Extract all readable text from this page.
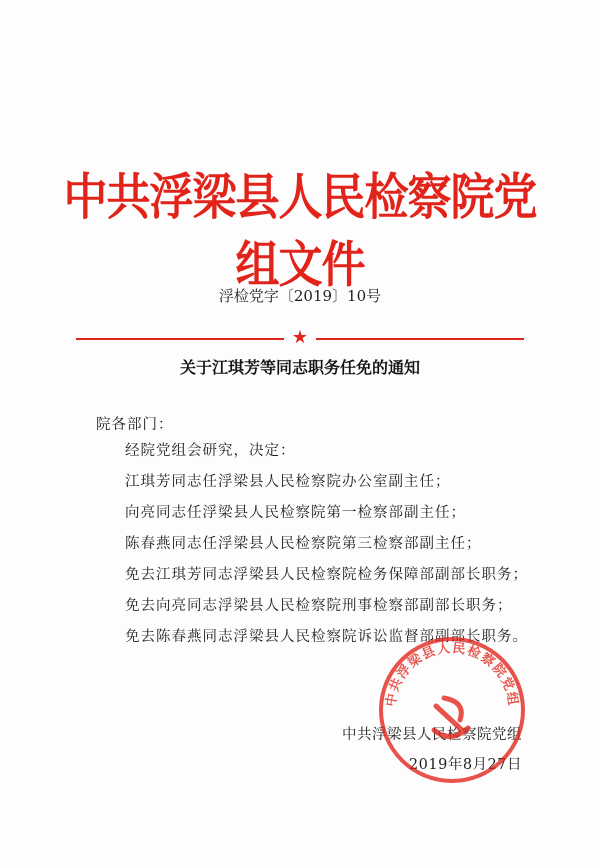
中共浮梁县人民检察院党组文件
浮检党字〔2019〕10号
★
关于江琪芳等同志职务任免的通知

院各部门：

经院党组会研究，决定：

江琪芳同志任浮梁县人民检察院办公室副主任；

向亮同志任浮梁县人民检察院第一检察部副主任；

陈春燕同志任浮梁县人民检察院第三检察部副主任；

免去江琪芳同志浮梁县人民检察院检务保障部副部长职务；

免去向亮同志浮梁县人民检察院刑事检察部副部长职务；

免去陈春燕同志浮梁县人民检察院诉讼监督部副部长职务。

中共浮梁县人民检察院党组
2019年8月27日
中共浮梁县人民检察院党组
